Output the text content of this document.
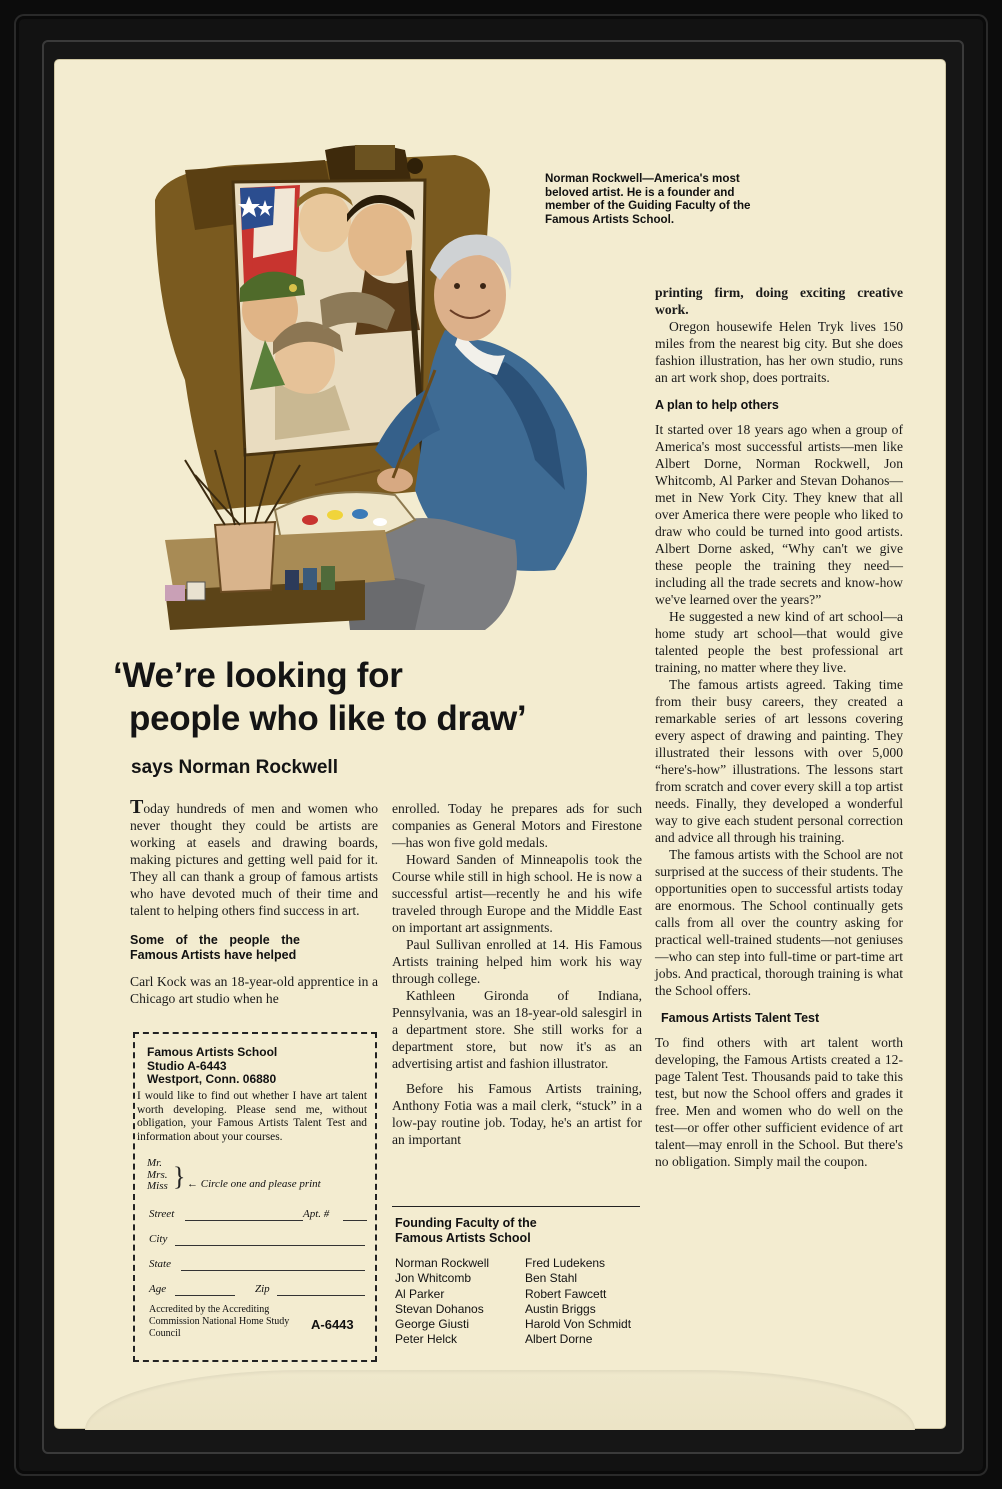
Norman Rockwell—America's most beloved artist. He is a founder and member of the Guiding Faculty of the Famous Artists School.
‘We’re looking for
people who like to draw’
says Norman Rockwell

Today hundreds of men and women who never thought they could be artists are working at easels and drawing boards, making pictures and getting well paid for it. They all can thank a group of famous artists who have devoted much of their time and talent to helping others find success in art.

Some of the people the Famous Artists have helped

Carl Kock was an 18-year-old apprentice in a Chicago art studio when he

enrolled. Today he prepares ads for such companies as General Motors and Firestone—has won five gold medals.

Howard Sanden of Minneapolis took the Course while still in high school. He is now a successful artist—recently he and his wife traveled through Europe and the Middle East on important art assignments.

Paul Sullivan enrolled at 14. His Famous Artists training helped him work his way through college.

Kathleen Gironda of Indiana, Pennsylvania, was an 18-year-old salesgirl in a department store. She still works for a department store, but now it's as an advertising artist and fashion illustrator.

Before his Famous Artists training, Anthony Fotia was a mail clerk, “stuck” in a low-pay routine job. Today, he's an artist for an important

Founding Faculty of the Famous Artists School
Norman Rockwell
Jon Whitcomb
Al Parker
Stevan Dohanos
George Giusti
Peter Helck
Fred Ludekens
Ben Stahl
Robert Fawcett
Austin Briggs
Harold Von Schmidt
Albert Dorne

printing firm, doing exciting creative work.

Oregon housewife Helen Tryk lives 150 miles from the nearest big city. But she does fashion illustration, has her own studio, runs an art work shop, does portraits.

A plan to help others

It started over 18 years ago when a group of America's most successful artists—men like Albert Dorne, Norman Rockwell, Jon Whitcomb, Al Parker and Stevan Dohanos—met in New York City. They knew that all over America there were people who liked to draw who could be turned into good artists. Albert Dorne asked, “Why can't we give these people the training they need—including all the trade secrets and know-how we've learned over the years?”

He suggested a new kind of art school—a home study art school—that would give talented people the best professional art training, no matter where they live.

The famous artists agreed. Taking time from their busy careers, they created a remarkable series of art lessons covering every aspect of drawing and painting. They illustrated their lessons with over 5,000 “here's-how” illustrations. The lessons start from scratch and cover every skill a top artist needs. Finally, they developed a wonderful way to give each student personal correction and advice all through his training.

The famous artists with the School are not surprised at the success of their students. The opportunities open to successful artists today are enormous. The School continually gets calls from all over the country asking for practical well-trained students—not geniuses—who can step into full-time or part-time art jobs. And practical, thorough training is what the School offers.

Famous Artists Talent Test

To find others with art talent worth developing, the Famous Artists created a 12-page Talent Test. Thousands paid to take this test, but now the School offers and grades it free. Men and women who do well on the test—or offer other sufficient evidence of art talent—may enroll in the School. But there's no obligation. Simply mail the coupon.

Famous Artists School
Studio A-6443
Westport, Conn. 06880
I would like to find out whether I have art talent worth developing. Please send me, without obligation, your Famous Artists Talent Test and information about your courses.
Mr.
Mrs.
Miss } ← Circle one and please print
Street	Apt. #
City
State
Age	Zip
Accredited by the Accrediting Commission National Home Study Council
A-6443
